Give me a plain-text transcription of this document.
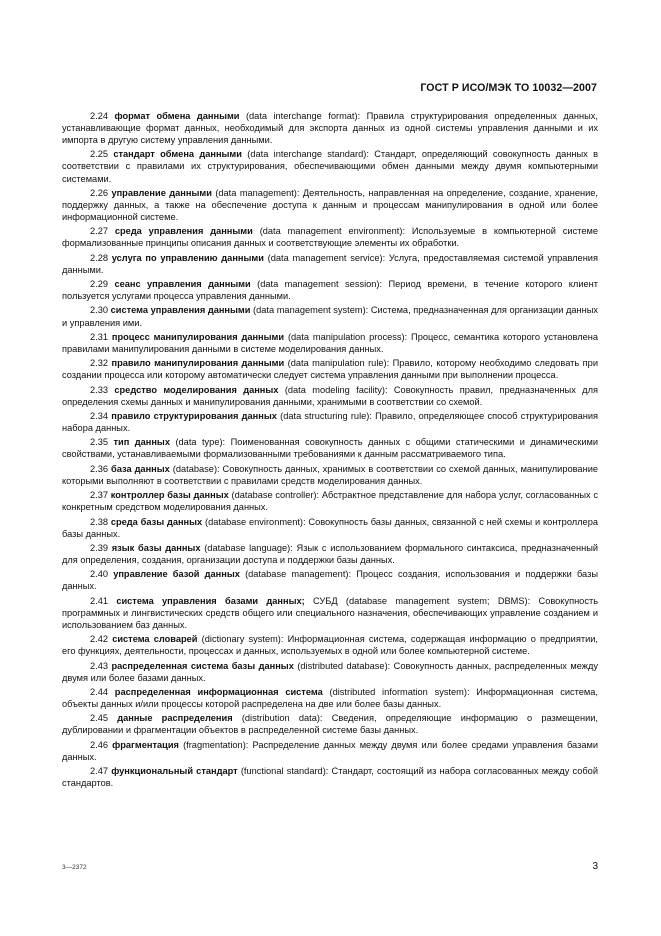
ГОСТ Р ИСО/МЭК ТО 10032—2007

2.24 формат обмена данными (data interchange format): Правила структурирования определенных данных, устанавливающие формат данных, необходимый для экспорта данных из одной системы управления данными и их импорта в другую систему управления данными.

2.25 стандарт обмена данными (data interchange standard): Стандарт, определяющий совокупность данных в соответствии с правилами их структурирования, обеспечивающими обмен данными между двумя компьютерными системами.

2.26 управление данными (data management): Деятельность, направленная на определение, создание, хранение, поддержку данных, а также на обеспечение доступа к данным и процессам манипулирования в одной или более информационной системе.

2.27 среда управления данными (data management environment): Используемые в компьютерной системе формализованные принципы описания данных и соответствующие элементы их обработки.

2.28 услуга по управлению данными (data management service): Услуга, предоставляемая системой управления данными.

2.29 сеанс управления данными (data management session): Период времени, в течение которого клиент пользуется услугами процесса управления данными.

2.30 система управления данными (data management system): Система, предназначенная для организации данных и управления ими.

2.31 процесс манипулирования данными (data manipulation process): Процесс, семантика которого установлена правилами манипулирования данными в системе моделирования данных.

2.32 правило манипулирования данными (data manipulation rule): Правило, которому необходимо следовать при создании процесса или которому автоматически следует система управления данными при выполнении процесса.

2.33 средство моделирования данных (data modeling facility): Совокупность правил, предназначенных для определения схемы данных и манипулирования данными, хранимыми в соответствии со схемой.

2.34 правило структурирования данных (data structuring rule): Правило, определяющее способ структурирования набора данных.

2.35 тип данных (data type): Поименованная совокупность данных с общими статическими и динамическими свойствами, устанавливаемыми формализованными требованиями к данным рассматриваемого типа.

2.36 база данных (database): Совокупность данных, хранимых в соответствии со схемой данных, манипулирование которыми выполняют в соответствии с правилами средств моделирования данных.

2.37 контроллер базы данных (database controller): Абстрактное представление для набора услуг, согласованных с конкретным средством моделирования данных.

2.38 среда базы данных (database environment): Совокупность базы данных, связанной с ней схемы и контроллера базы данных.

2.39 язык базы данных (database language): Язык с использованием формального синтаксиса, предназначенный для определения, создания, организации доступа и поддержки базы данных.

2.40 управление базой данных (database management): Процесс создания, использования и поддержки базы данных.

2.41 система управления базами данных; СУБД (database management system; DBMS): Совокупность программных и лингвистических средств общего или специального назначения, обеспечивающих управление созданием и использованием баз данных.

2.42 система словарей (dictionary system): Информационная система, содержащая информацию о предприятии, его функциях, деятельности, процессах и данных, используемых в одной или более компьютерной системе.

2.43 распределенная система базы данных (distributed database): Совокупность данных, распределенных между двумя или более базами данных.

2.44 распределенная информационная система (distributed information system): Информационная система, объекты данных и/или процессы которой распределена на две или более базы данных.

2.45 данные распределения (distribution data): Сведения, определяющие информацию о размещении, дублировании и фрагментации объектов в распределенной системе базы данных.

2.46 фрагментация (fragmentation): Распределение данных между двумя или более средами управления базами данных.

2.47 функциональный стандарт (functional standard): Стандарт, состоящий из набора согласованных между собой стандартов.

3—2372	3
